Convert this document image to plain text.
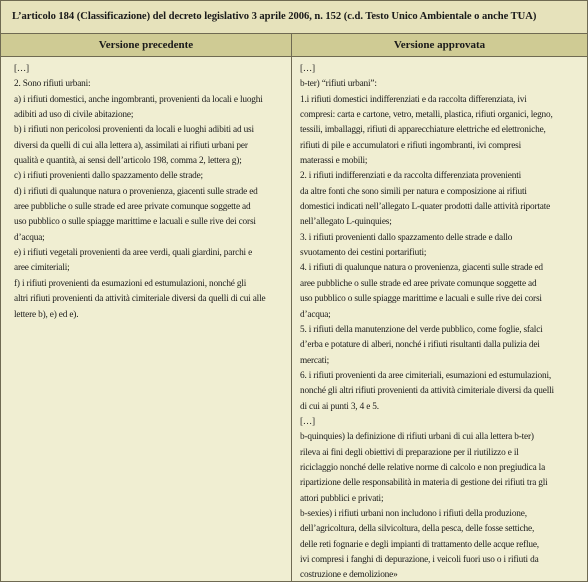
L’articolo 184 (Classificazione) del decreto legislativo 3 aprile 2006, n. 152 (c.d. Testo Unico Ambientale o anche TUA)
Versione precedente	Versione approvata
[…]
2. Sono rifiuti urbani:
a) i rifiuti domestici, anche ingombranti, provenienti da locali e luoghi
adibiti ad uso di civile abitazione;
b) i rifiuti non pericolosi provenienti da locali e luoghi adibiti ad usi
diversi da quelli di cui alla lettera a), assimilati ai rifiuti urbani per
qualità e quantità, ai sensi dell’articolo 198, comma 2, lettera g);
c) i rifiuti provenienti dallo spazzamento delle strade;
d) i rifiuti di qualunque natura o provenienza, giacenti sulle strade ed
aree pubbliche o sulle strade ed aree private comunque soggette ad
uso pubblico o sulle spiagge marittime e lacuali e sulle rive dei corsi
d’acqua;
e) i rifiuti vegetali provenienti da aree verdi, quali giardini, parchi e
aree cimiteriali;
f) i rifiuti provenienti da esumazioni ed estumulazioni, nonché gli
altri rifiuti provenienti da attività cimiteriale diversi da quelli di cui alle
lettere b), e) ed e).
[…]
b-ter) “rifiuti urbani”:
1.i rifiuti domestici indifferenziati e da raccolta differenziata, ivi
compresi: carta e cartone, vetro, metalli, plastica, rifiuti organici, legno,
tessili, imballaggi, rifiuti di apparecchiature elettriche ed elettroniche,
rifiuti di pile e accumulatori e rifiuti ingombranti, ivi compresi
materassi e mobili;
2. i rifiuti indifferenziati e da raccolta differenziata provenienti
da altre fonti che sono simili per natura e composizione ai rifiuti
domestici indicati nell’allegato L-quater prodotti dalle attività riportate
nell’allegato L-quinquies;
3. i rifiuti provenienti dallo spazzamento delle strade e dallo
svuotamento dei cestini portarifiuti;
4. i rifiuti di qualunque natura o provenienza, giacenti sulle strade ed
aree pubbliche o sulle strade ed aree private comunque soggette ad
uso pubblico o sulle spiagge marittime e lacuali e sulle rive dei corsi
d’acqua;
5. i rifiuti della manutenzione del verde pubblico, come foglie, sfalci
d’erba e potature di alberi, nonché i rifiuti risultanti dalla pulizia dei
mercati;
6. i rifiuti provenienti da aree cimiteriali, esumazioni ed estumulazioni,
nonché gli altri rifiuti provenienti da attività cimiteriale diversi da quelli
di cui ai punti 3, 4 e 5.
[…]
b-quinquies) la definizione di rifiuti urbani di cui alla lettera b-ter)
rileva ai fini degli obiettivi di preparazione per il riutilizzo e il
riciclaggio nonché delle relative norme di calcolo e non pregiudica la
ripartizione delle responsabilità in materia di gestione dei rifiuti tra gli
attori pubblici e privati;
b-sexies) i rifiuti urbani non includono i rifiuti della produzione,
dell’agricoltura, della silvicoltura, della pesca, delle fosse settiche,
delle reti fognarie e degli impianti di trattamento delle acque reflue,
ivi compresi i fanghi di depurazione, i veicoli fuori uso o i rifiuti da
costruzione e demolizione»
